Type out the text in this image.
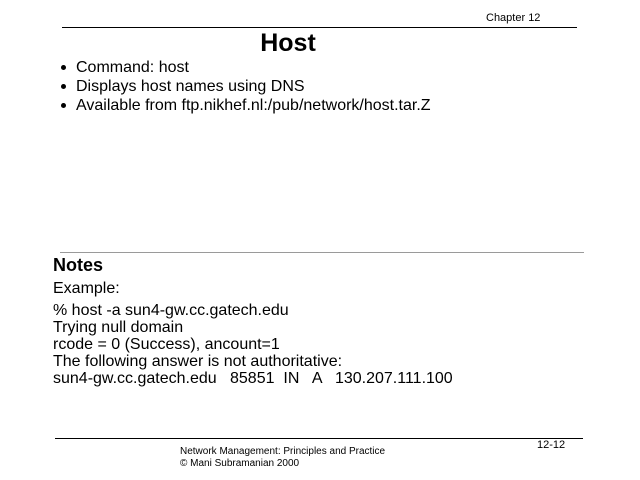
Chapter 12
Host
Command: host
Displays host names using DNS
Available from ftp.nikhef.nl:/pub/network/host.tar.Z
Notes
Example:
% host -a sun4-gw.cc.gatech.edu
Trying null domain
rcode = 0 (Success), ancount=1
The following answer is not authoritative:
sun4-gw.cc.gatech.edu   85851  IN   A   130.207.111.100
Network Management: Principles and Practice
© Mani Subramanian 2000
12-12
